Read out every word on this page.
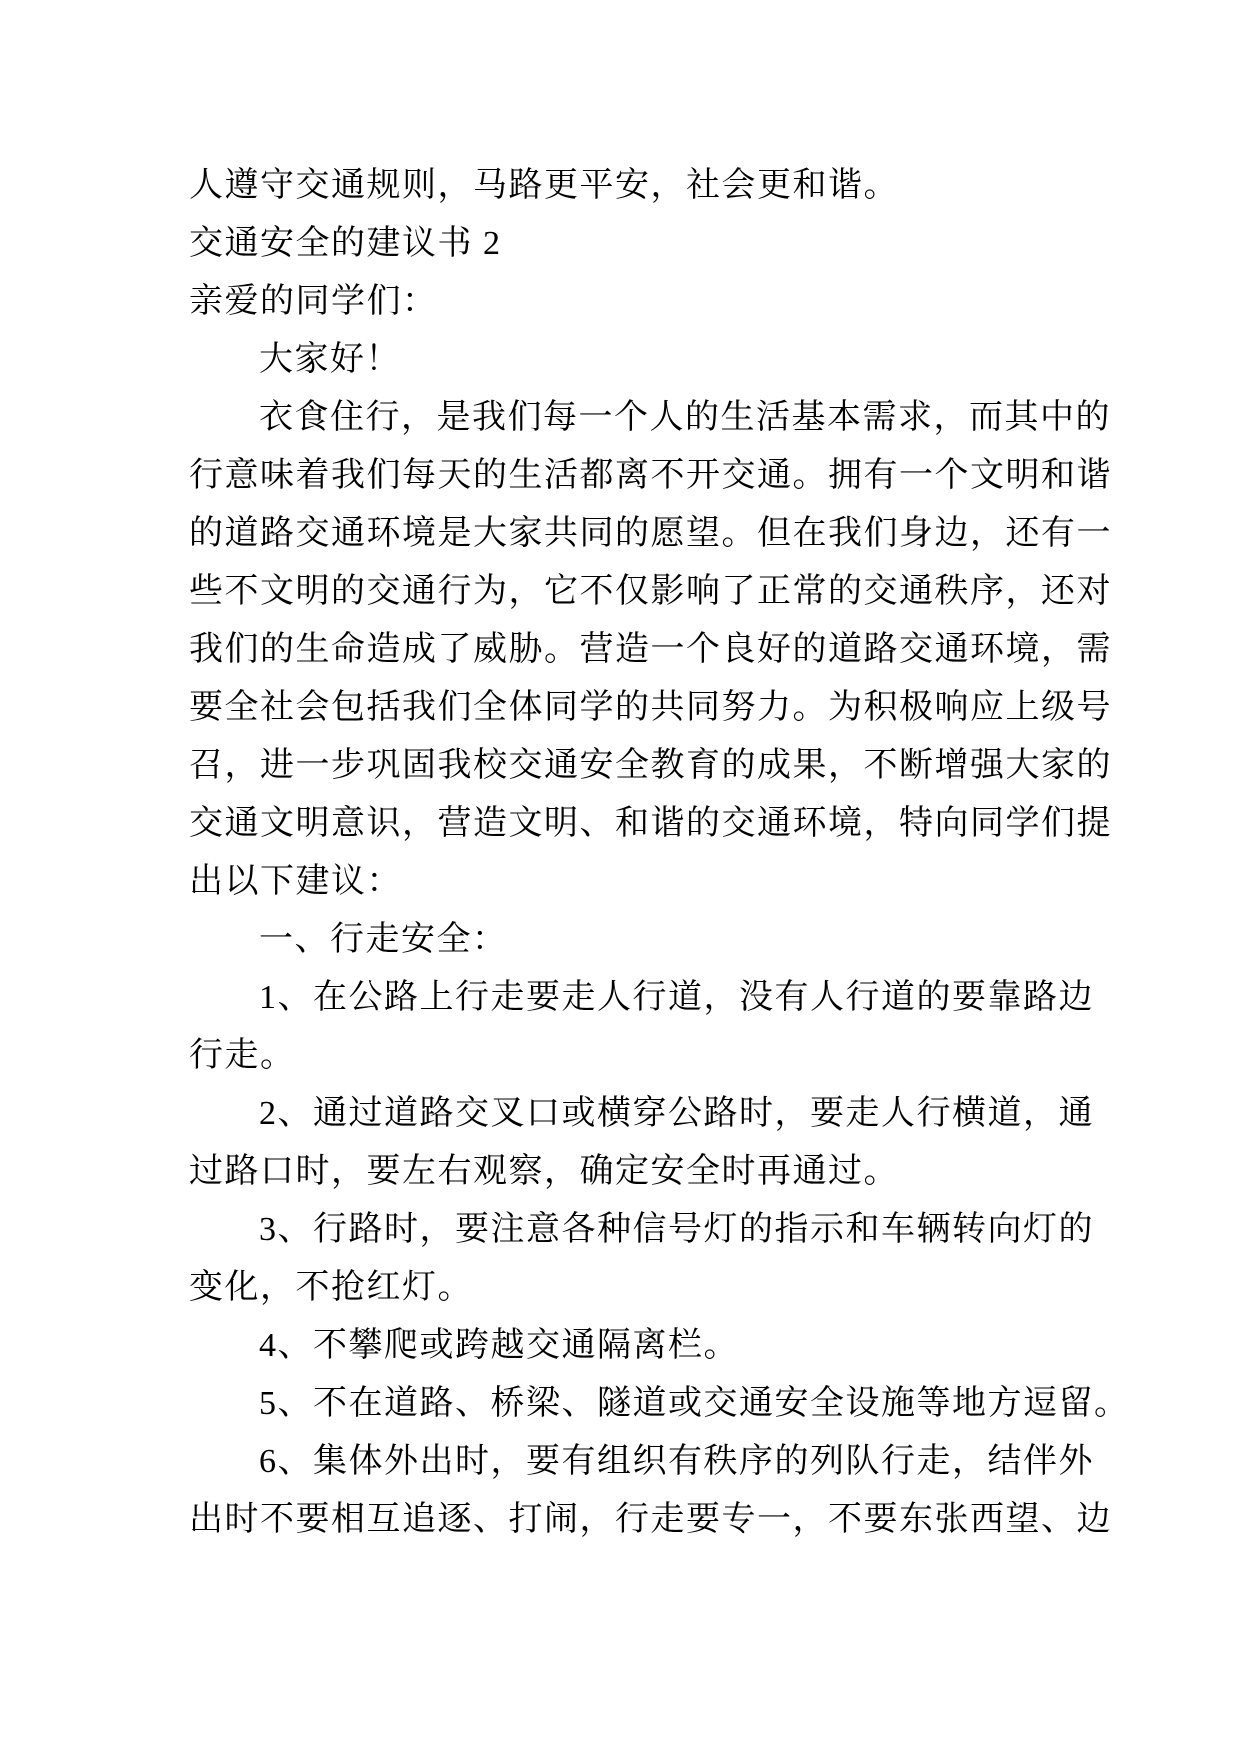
人遵守交通规则，马路更平安，社会更和谐。
交通安全的建议书 2
亲爱的同学们：
大家好！
衣食住行，是我们每一个人的生活基本需求，而其中的
行意味着我们每天的生活都离不开交通。拥有一个文明和谐
的道路交通环境是大家共同的愿望。但在我们身边，还有一
些不文明的交通行为，它不仅影响了正常的交通秩序，还对
我们的生命造成了威胁。营造一个良好的道路交通环境，需
要全社会包括我们全体同学的共同努力。为积极响应上级号
召，进一步巩固我校交通安全教育的成果，不断增强大家的
交通文明意识，营造文明、和谐的交通环境，特向同学们提
出以下建议：
一、行走安全：
1、在公路上行走要走人行道，没有人行道的要靠路边
行走。
2、通过道路交叉口或横穿公路时，要走人行横道，通
过路口时，要左右观察，确定安全时再通过。
3、行路时，要注意各种信号灯的指示和车辆转向灯的
变化，不抢红灯。
4、不攀爬或跨越交通隔离栏。
5、不在道路、桥梁、隧道或交通安全设施等地方逗留。
6、集体外出时，要有组织有秩序的列队行走，结伴外
出时不要相互追逐、打闹，行走要专一，不要东张西望、边
